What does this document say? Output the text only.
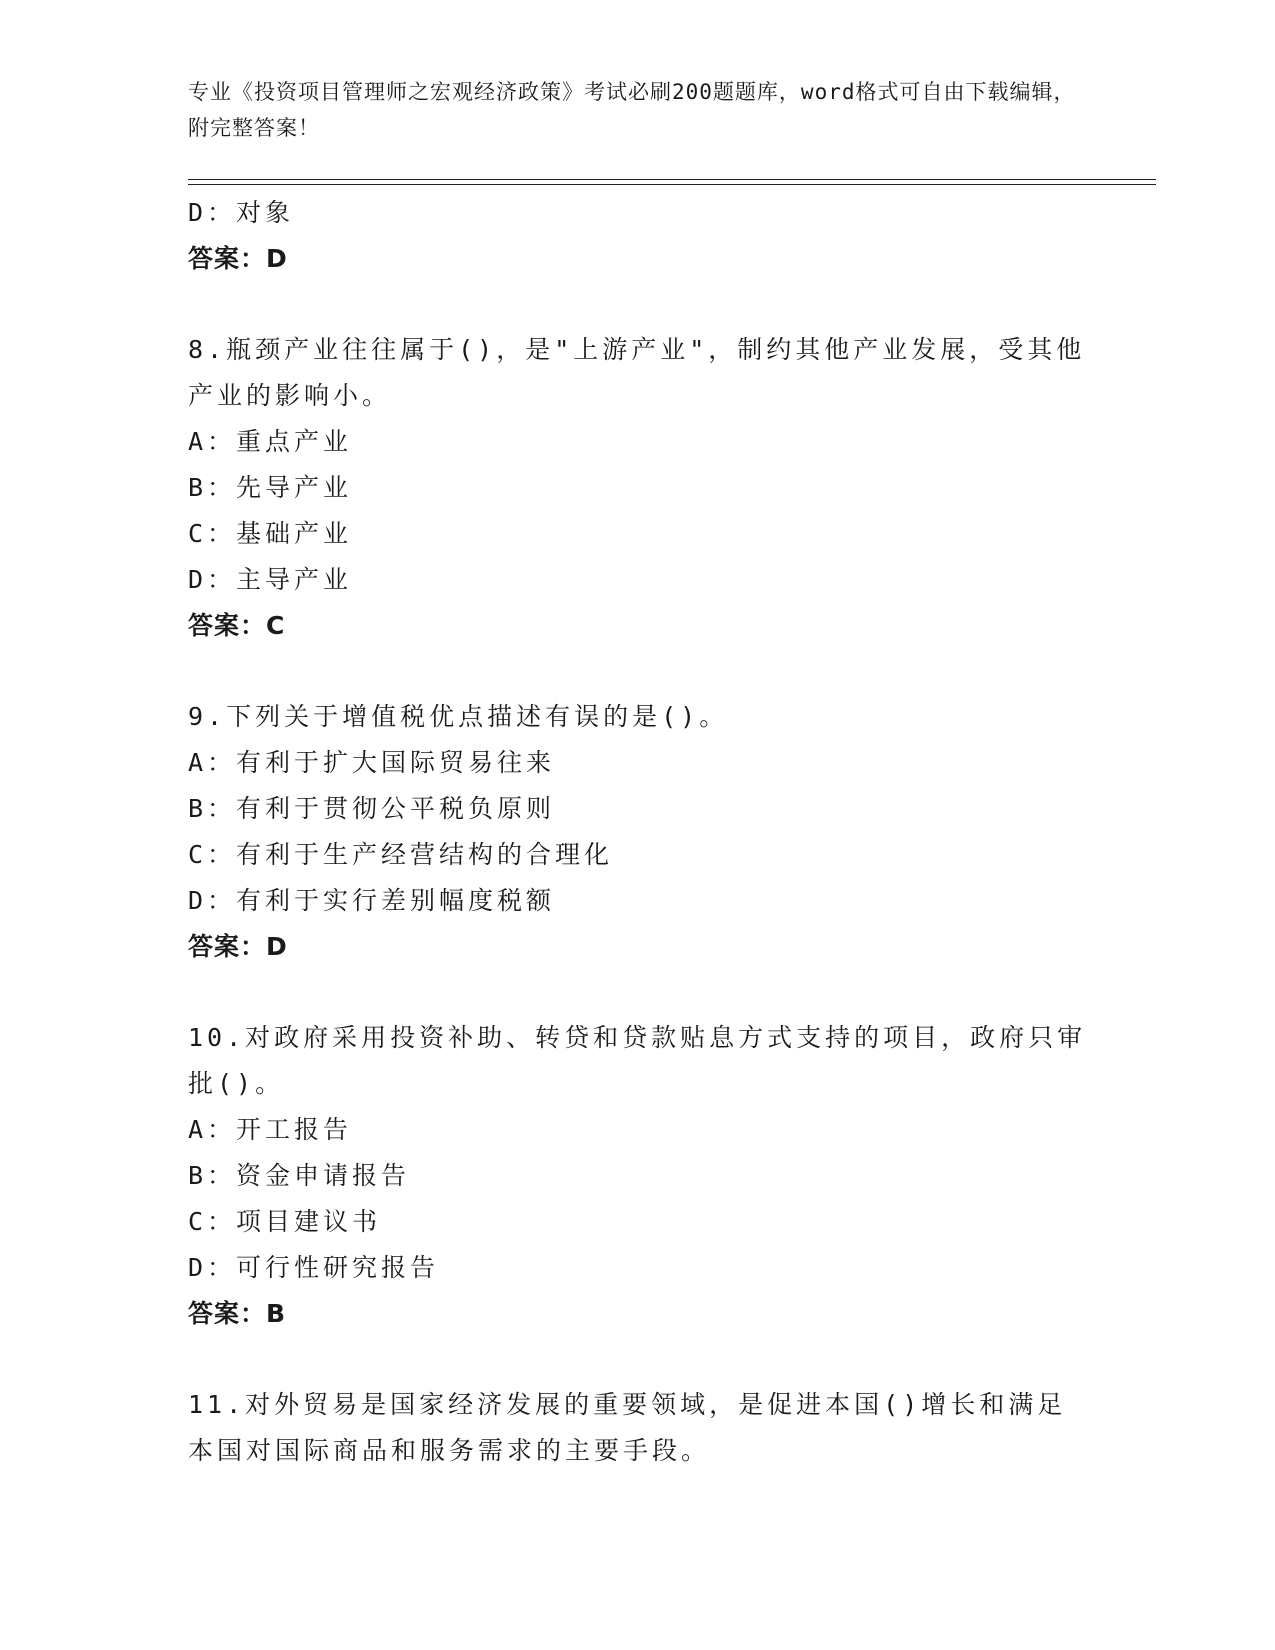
专业《投资项目管理师之宏观经济政策》考试必刷200题题库，word格式可自由下载编辑，附完整答案！
D：对象
答案：D
8.瓶颈产业往往属于()，是"上游产业"，制约其他产业发展，受其他产业的影响小。
A：重点产业
B：先导产业
C：基础产业
D：主导产业
答案：C
9.下列关于增值税优点描述有误的是()。
A：有利于扩大国际贸易往来
B：有利于贯彻公平税负原则
C：有利于生产经营结构的合理化
D：有利于实行差别幅度税额
答案：D
10.对政府采用投资补助、转贷和贷款贴息方式支持的项目，政府只审批()。
A：开工报告
B：资金申请报告
C：项目建议书
D：可行性研究报告
答案：B
11.对外贸易是国家经济发展的重要领域，是促进本国()增长和满足本国对国际商品和服务需求的主要手段。
